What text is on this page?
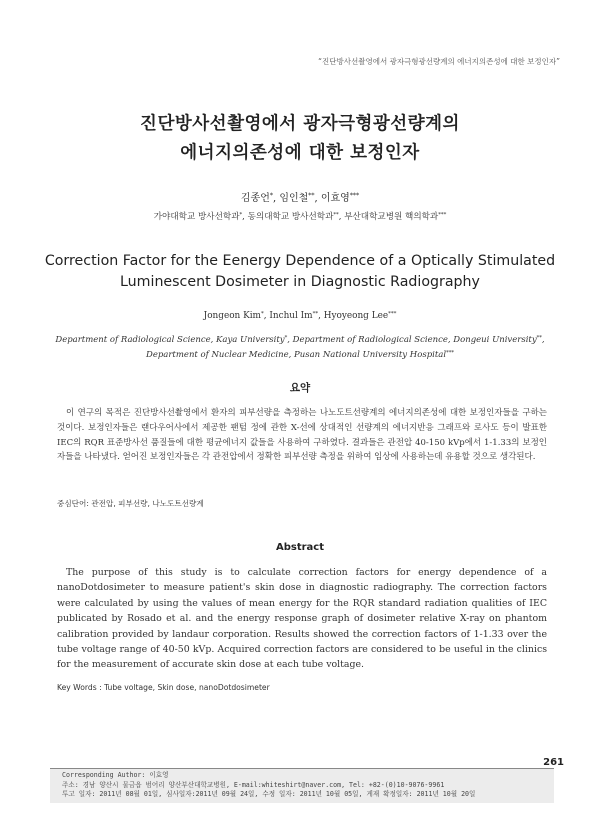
“진단방사선촬영에서 광자극형광선량계의 에너지의존성에 대한 보정인자”
진단방사선촬영에서 광자극형광선량계의
에너지의존성에 대한 보정인자
김종언*, 임인철**, 이효영***
가야대학교 방사선학과*, 동의대학교 방사선학과**, 부산대학교병원 핵의학과***
Correction Factor for the Eenergy Dependence of a Optically Stimulated
Luminescent Dosimeter in Diagnostic Radiography
Jongeon Kim*, Inchul Im**, Hyoyeong Lee***
Department of Radiological Science, Kaya University*, Department of Radiological Science, Dongeui University**,
Department of Nuclear Medicine, Pusan National University Hospital***
요약
이 연구의 목적은 진단방사선촬영에서 환자의 피부선량을 측정하는 나노도트선량계의 에너지의존성에 대한 보정인자들을 구하는 것이다. 보정인자들은 랜다우어사에서 제공한 팬텀 정에 관한 X-선에 상대적인 선량계의 에너지반응 그래프와 로사도 등이 발표한 IEC의 RQR 표준방사선 품질들에 대한 평균에너지 값들을 사용하여 구하였다. 결과들은 관전압 40-150 kVp에서 1-1.33의 보정인자들을 나타냈다. 얻어진 보정인자들은 각 관전압에서 정확한 피부선량 측정을 위하여 임상에 사용하는데 유용할 것으로 생각된다.
중심단어: 관전압, 피부선량, 나노도트선량계
Abstract
The purpose of this study is to calculate correction factors for energy dependence of a nanoDotdosimeter to measure patient's skin dose in diagnostic radiography. The correction factors were calculated by using the values of mean energy for the RQR standard radiation qualities of IEC publicated by Rosado et al. and the energy response graph of dosimeter relative X-ray on phantom calibration provided by landaur corporation. Results showed the correction factors of 1-1.33 over the tube voltage range of 40-50 kVp. Acquired correction factors are considered to be useful in the clinics for the measurement of accurate skin dose at each tube voltage.
Key Words : Tube voltage, Skin dose, nanoDotdosimeter
261
Corresponding Author: 이효영
주소: 경남 양산시 물금읍 범어리 양산부산대학교병원, E-mail:whiteshirt@naver.com, Tel: +82-(0)10-9076-9961
투고 일자: 2011년 08월 01일, 심사일자:2011년 09월 24일, 수정 일자: 2011년 10월 05일, 게재 확정일자: 2011년 10월 20일
